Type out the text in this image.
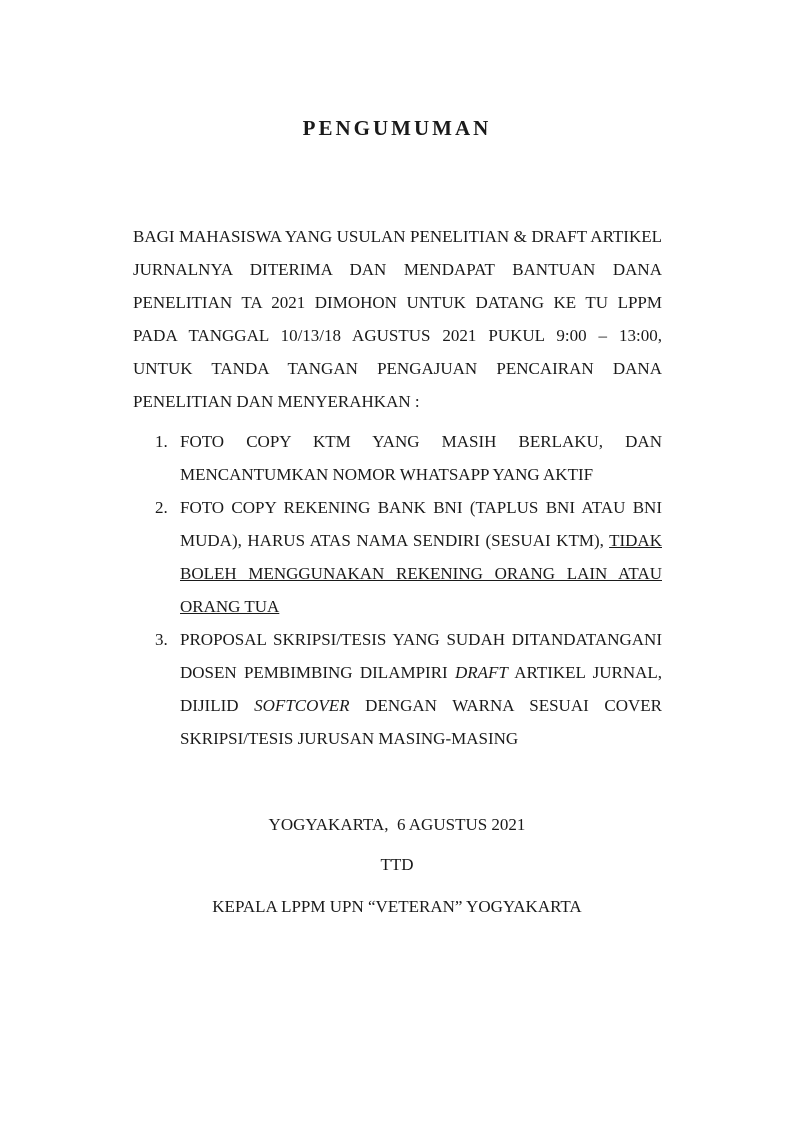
PENGUMUMAN

BAGI MAHASISWA YANG USULAN PENELITIAN & DRAFT ARTIKEL JURNALNYA DITERIMA DAN MENDAPAT BANTUAN DANA PENELITIAN TA 2021 DIMOHON UNTUK DATANG KE TU LPPM PADA TANGGAL 10/13/18 AGUSTUS 2021 PUKUL 9:00 – 13:00, UNTUK TANDA TANGAN PENGAJUAN PENCAIRAN DANA PENELITIAN DAN MENYERAHKAN :

1. FOTO COPY KTM YANG MASIH BERLAKU, DAN MENCANTUMKAN NOMOR WHATSAPP YANG AKTIF
2. FOTO COPY REKENING BANK BNI (TAPLUS BNI ATAU BNI MUDA), HARUS ATAS NAMA SENDIRI (SESUAI KTM), TIDAK BOLEH MENGGUNAKAN REKENING ORANG LAIN ATAU ORANG TUA
3. PROPOSAL SKRIPSI/TESIS YANG SUDAH DITANDATANGANI DOSEN PEMBIMBING DILAMPIRI DRAFT ARTIKEL JURNAL, DIJILID SOFTCOVER DENGAN WARNA SESUAI COVER SKRIPSI/TESIS JURUSAN MASING-MASING
YOGYAKARTA,  6 AGUSTUS 2021
TTD
KEPALA LPPM UPN “VETERAN” YOGYAKARTA
